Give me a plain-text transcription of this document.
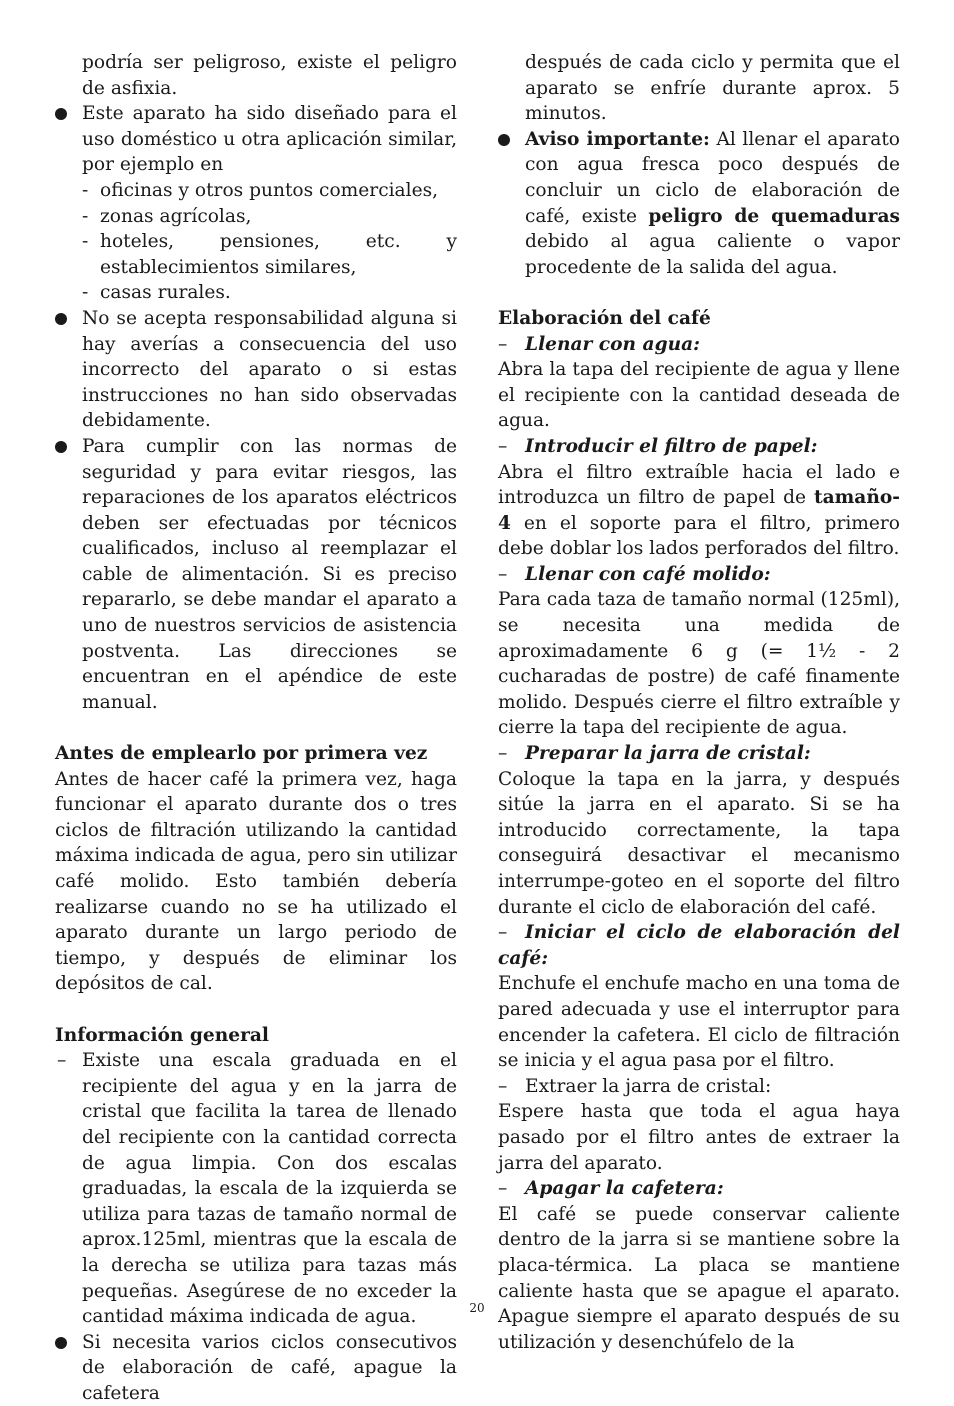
podría ser peligroso, existe el peligro de asfixia.

Este aparato ha sido diseñado para el uso doméstico u otra aplicación similar, por ejemplo en

- oficinas y otros puntos comerciales,
- zonas agrícolas,
- hoteles, pensiones, etc. y establecimientos similares,
- casas rurales.

No se acepta responsabilidad alguna si hay averías a consecuencia del uso incorrecto del aparato o si estas instrucciones no han sido observadas debidamente.

Para cumplir con las normas de seguridad y para evitar riesgos, las reparaciones de los aparatos eléctricos deben ser efectuadas por técnicos cualificados, incluso al reemplazar el cable de alimentación. Si es preciso repararlo, se debe mandar el aparato a uno de nuestros servicios de asistencia postventa. Las direcciones se encuentran en el apéndice de este manual.

Antes de emplearlo por primera vez

Antes de hacer café la primera vez, haga funcionar el aparato durante dos o tres ciclos de filtración utilizando la cantidad máxima indicada de agua, pero sin utilizar café molido. Esto también debería realizarse cuando no se ha utilizado el aparato durante un largo periodo de tiempo, y después de eliminar los depósitos de cal.

Información general

– Existe una escala graduada en el recipiente del agua y en la jarra de cristal que facilita la tarea de llenado del recipiente con la cantidad correcta de agua limpia. Con dos escalas graduadas, la escala de la izquierda se utiliza para tazas de tamaño normal de aprox.125ml, mientras que la escala de la derecha se utiliza para tazas más pequeñas. Asegúrese de no exceder la cantidad máxima indicada de agua.

Si necesita varios ciclos consecutivos de elaboración de café, apague la cafetera

después de cada ciclo y permita que el aparato se enfríe durante aprox. 5 minutos.

Aviso importante: Al llenar el aparato con agua fresca poco después de concluir un ciclo de elaboración de café, existe peligro de quemaduras debido al agua caliente o vapor procedente de la salida del agua.

Elaboración del café

– Llenar con agua:

Abra la tapa del recipiente de agua y llene el recipiente con la cantidad deseada de agua.

– Introducir el filtro de papel:

Abra el filtro extraíble hacia el lado e introduzca un filtro de papel de tamaño-4 en el soporte para el filtro, primero debe doblar los lados perforados del filtro.

– Llenar con café molido:

Para cada taza de tamaño normal (125ml), se necesita una medida de aproximadamente 6 g (= 1½ - 2 cucharadas de postre) de café finamente molido. Después cierre el filtro extraíble y cierre la tapa del recipiente de agua.

– Preparar la jarra de cristal:

Coloque la tapa en la jarra, y después sitúe la jarra en el aparato. Si se ha introducido correctamente, la tapa conseguirá desactivar el mecanismo interrumpe-goteo en el soporte del filtro durante el ciclo de elaboración del café.

– Iniciar el ciclo de elaboración del café:

Enchufe el enchufe macho en una toma de pared adecuada y use el interruptor para encender la cafetera. El ciclo de filtración se inicia y el agua pasa por el filtro.

– Extraer la jarra de cristal:

Espere hasta que toda el agua haya pasado por el filtro antes de extraer la jarra del aparato.

– Apagar la cafetera:

El café se puede conservar caliente dentro de la jarra si se mantiene sobre la placa-térmica. La placa se mantiene caliente hasta que se apague el aparato. Apague siempre el aparato después de su utilización y desenchúfelo de la

20
